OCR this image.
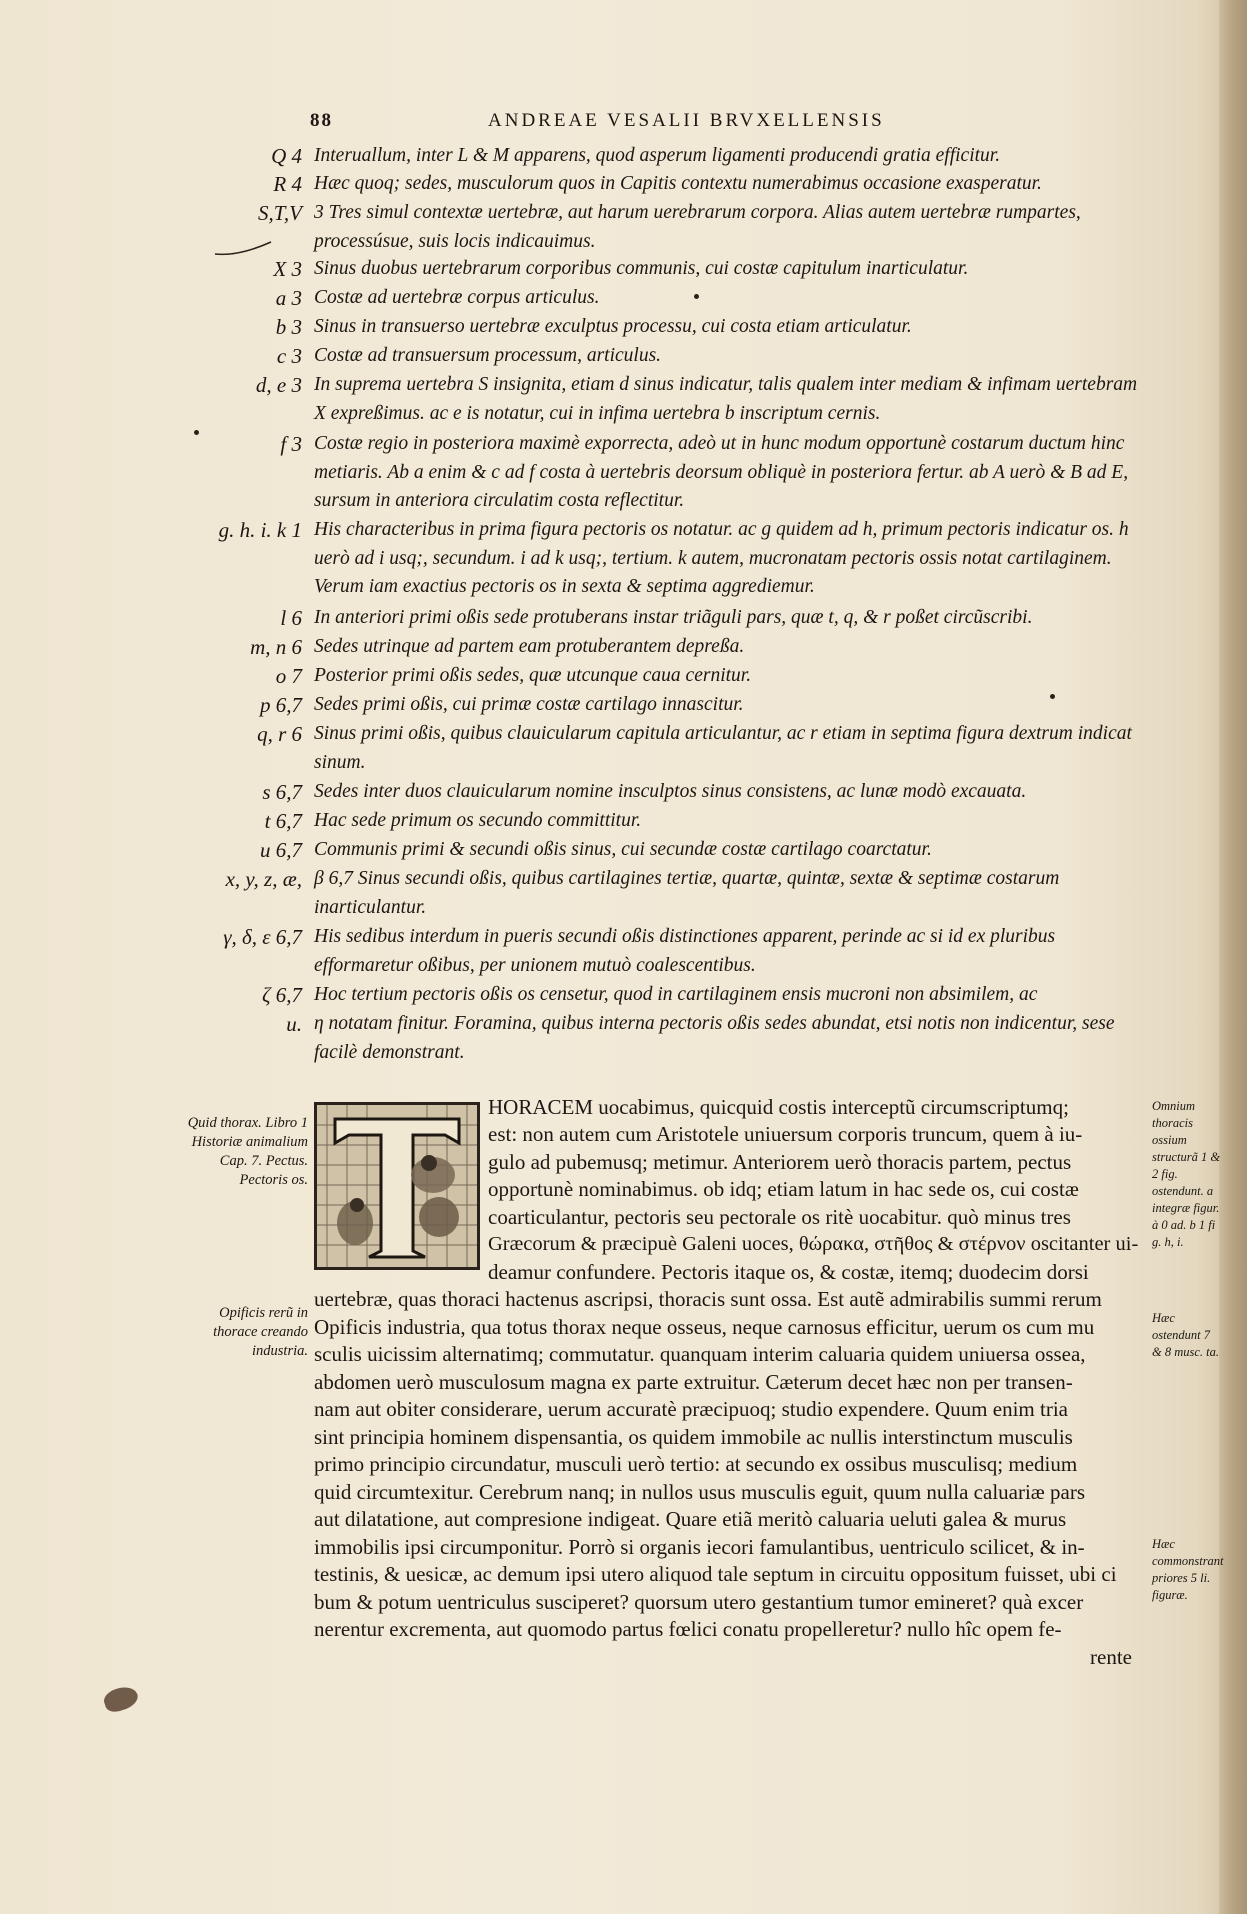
88	ANDREAE VESALII BRVXELLENSIS
Q 4 Interuallum, inter L & M apparens, quod asperum ligamenti producendi gratia efficitur.
R 4 Hæc quoq; sedes, musculorum quos in Capitis contextu numerabimus occasione exasperatur.
S,T,V 3 Tres simul contextæ uertebræ, aut harum uerebrarum corpora. Alias autem uertebræ rumpartes, processúsue, suis locis indicauimus.
X 3 Sinus duobus uertebrarum corporibus communis, cui costæ capitulum inarticulatur.
a 3 Costæ ad uertebræ corpus articulus.
b 3 Sinus in transuerso uertebræ exculptus processu, cui costa etiam articulatur.
c 3 Costæ ad transuersum processum, articulus.
d, e 3 In suprema uertebra S insignita, etiam d sinus indicatur, talis qualem inter mediam & infimam uertebram X expreßimus. ac e is notatur, cui in infima uertebra b inscriptum cernis.
f 3 Costæ regio in posteriora maximè exporrecta, adeò ut in hunc modum opportunè costarum ductum hinc metiaris. Ab a enim & c ad f costa à uertebris deorsum obliquè in posteriora fertur. ab A uerò & B ad E, sursum in anteriora circulatim costa reflectitur.
g. h. i. k 1 His characteribus in prima figura pectoris os notatur. ac g quidem ad h, primum pectoris indicatur os. h uerò ad i usq;, secundum. i ad k usq;, tertium. k autem, mucronatam pectoris ossis notat cartilaginem. Verum iam exactius pectoris os in sexta & septima aggrediemur.
l 6 In anteriori primi oßis sede protuberans instar triãguli pars, quæ t, q, & r poßet circũscribi.
m, n 6 Sedes utrinque ad partem eam protuberantem depreßa.
o 7 Posterior primi oßis sedes, quæ utcunque caua cernitur.
p 6,7 Sedes primi oßis, cui primæ costæ cartilago innascitur.
q, r 6 Sinus primi oßis, quibus clauicularum capitula articulantur, ac r etiam in septima figura dextrum indicat sinum.
s 6,7 Sedes inter duos clauicularum nomine insculptos sinus consistens, ac lunæ modò excauata.
t 6,7 Hac sede primum os secundo committitur.
u 6,7 Communis primi & secundi oßis sinus, cui secundæ costæ cartilago coarctatur.
x, y, z, æ, β 6,7 Sinus secundi oßis, quibus cartilagines tertiæ, quartæ, quintæ, sextæ & septimæ costarum inarticulantur.
γ, δ, ε 6,7 His sedibus interdum in pueris secundi oßis distinctiones apparent, perinde ac si id ex pluribus efformaretur oßibus, per unionem mutuò coalescentibus.
ζ 6,7 Hoc tertium pectoris oßis os censetur, quod in cartilaginem ensis mucroni non absimilem, ac
u. η notatam finitur. Foramina, quibus interna pectoris oßis sedes abundat, etsi notis non indicentur, sese facilè demonstrant.
Quid thorax. Libro 1 Historiæ animalium Cap. 7. Pectus. Pectoris os.
Opificis rerũ in thorace creando industria.
Omnium thoracis ossium structurã 1 & 2 fig. ostendunt. a integræ figur. à 0 ad. b 1 fi g. h, i.
Hæc ostendunt 7 & 8 musc. ta.
Hæc commonstrant priores 5 li. figuræ.
HORACEM uocabimus, quicquid costis interceptũ circumscriptumq;
est: non autem cum Aristotele uniuersum corporis truncum, quem à iu-
gulo ad pubemusq; metimur. Anteriorem uerò thoracis partem, pectus
opportunè nominabimus. ob idq; etiam latum in hac sede os, cui costæ
coarticulantur, pectoris seu pectorale os ritè uocabitur. quò minus tres
Græcorum & præcipuè Galeni uoces, θώρακα, στῆθος & στέρνον oscitanter ui-
deamur confundere. Pectoris itaque os, & costæ, itemq; duodecim dorsi
uertebræ, quas thoraci hactenus ascripsi, thoracis sunt ossa. Est autẽ admirabilis summi rerum
Opificis industria, qua totus thorax neque osseus, neque carnosus efficitur, uerum os cum mu
sculis uicissim alternatimq; commutatur. quanquam interim caluaria quidem uniuersa ossea,
abdomen uerò musculosum magna ex parte extruitur. Cæterum decet hæc non per transen-
nam aut obiter considerare, uerum accuratè præcipuoq; studio expendere. Quum enim tria
sint principia hominem dispensantia, os quidem immobile ac nullis interstinctum musculis
primo principio circundatur, musculi uerò tertio: at secundo ex ossibus musculisq; medium
quid circumtexitur. Cerebrum nanq; in nullos usus musculis eguit, quum nulla caluariæ pars
aut dilatatione, aut compresione indigeat. Quare etiã meritò caluaria ueluti galea & murus
immobilis ipsi circumponitur. Porrò si organis iecori famulantibus, uentriculo scilicet, & in-
testinis, & uesicæ, ac demum ipsi utero aliquod tale septum in circuitu oppositum fuisset, ubi ci
bum & potum uentriculus susciperet? quorsum utero gestantium tumor emineret? quà excer
nerentur excrementa, aut quomodo partus fœlici conatu propelleretur? nullo hîc opem fe-
rente
